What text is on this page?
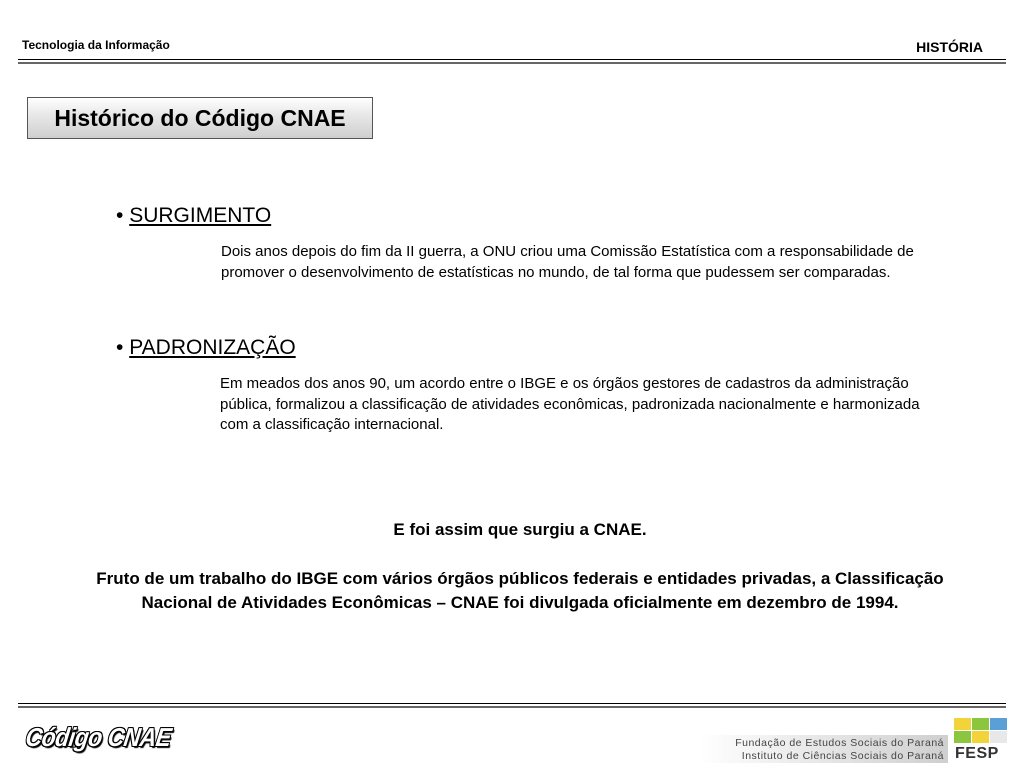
Tecnologia da Informação	HISTÓRIA
Histórico do Código CNAE
• SURGIMENTO
Dois anos depois do fim da II guerra, a ONU criou uma Comissão Estatística com a responsabilidade de promover o desenvolvimento de estatísticas no mundo, de tal forma que pudessem ser comparadas.
• PADRONIZAÇÃO
Em meados dos anos 90, um acordo entre o IBGE e os órgãos gestores de cadastros da administração pública, formalizou a classificação de atividades econômicas, padronizada nacionalmente e harmonizada com a classificação internacional.
E foi assim que surgiu a CNAE.
Fruto de um trabalho do IBGE com vários órgãos públicos federais e entidades privadas, a Classificação Nacional de Atividades Econômicas – CNAE foi divulgada oficialmente em dezembro de 1994.
Código CNAE	Fundação de Estudos Sociais do Paraná
Instituto de Ciências Sociais do Paraná FESP
